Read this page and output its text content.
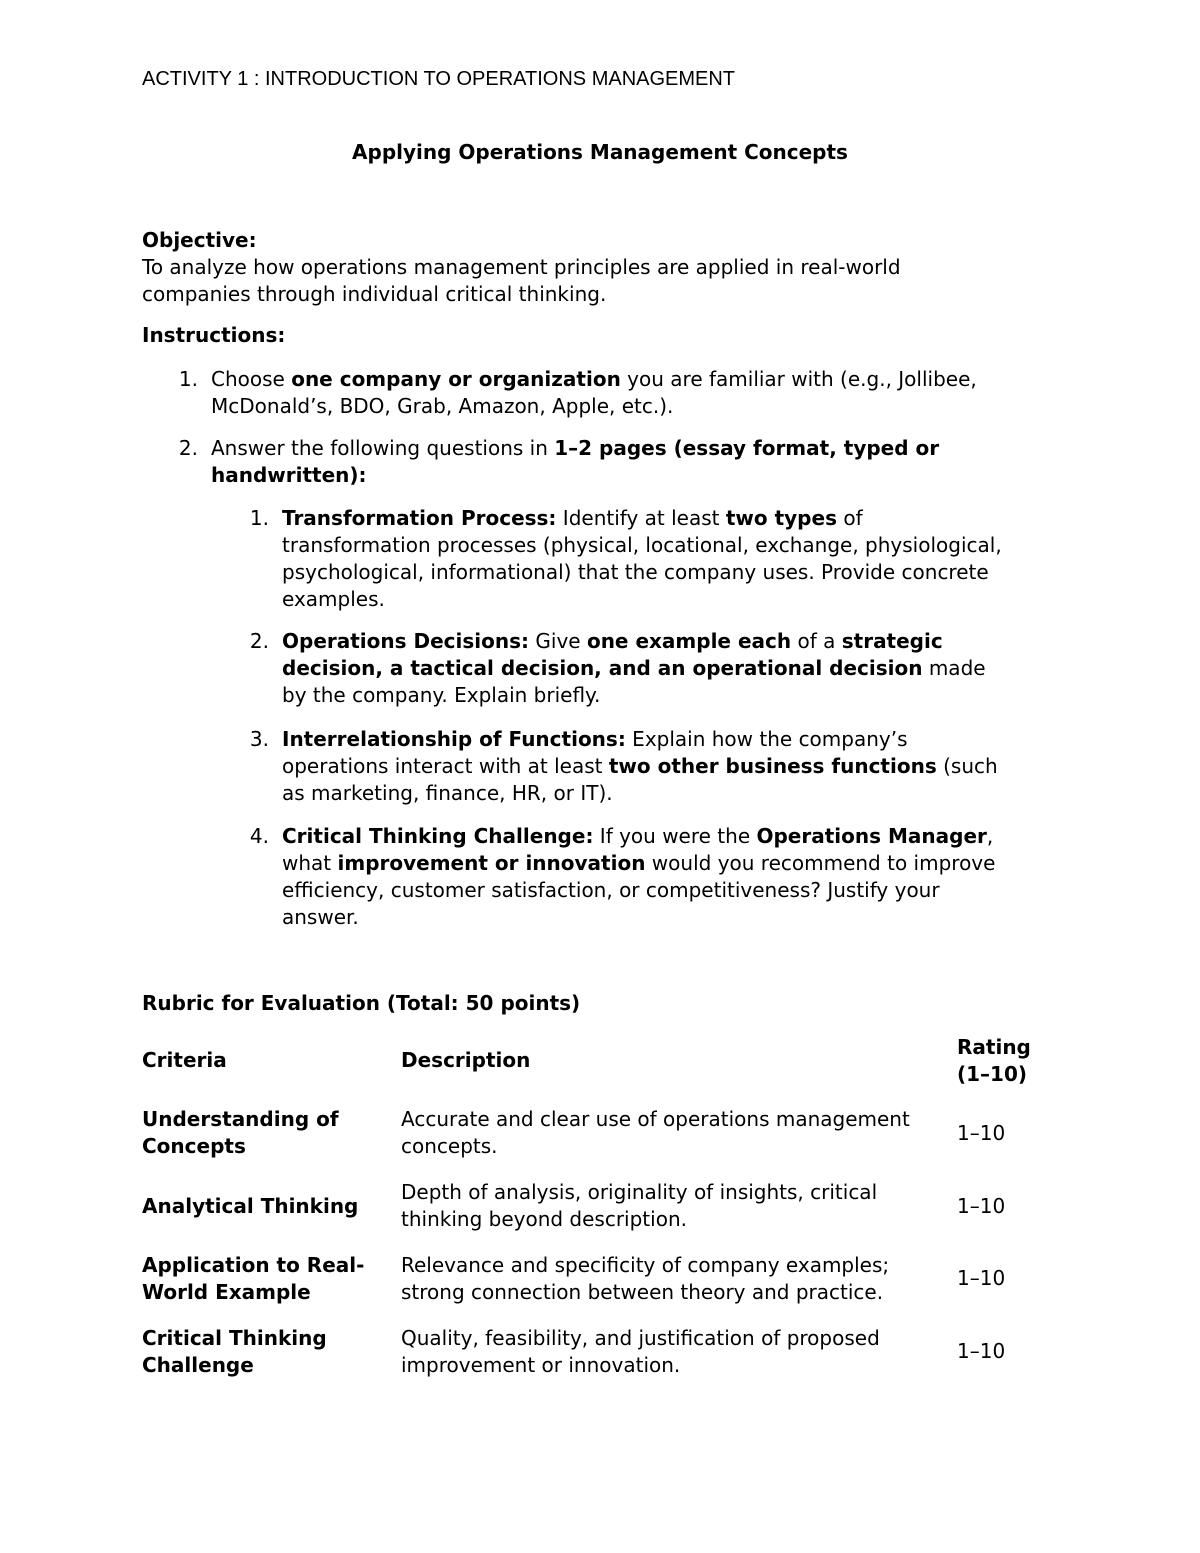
ACTIVITY 1 : INTRODUCTION TO OPERATIONS MANAGEMENT
Applying Operations Management Concepts
Objective:
To analyze how operations management principles are applied in real-world
companies through individual critical thinking.
Instructions:
1. Choose one company or organization you are familiar with (e.g., Jollibee,
McDonald’s, BDO, Grab, Amazon, Apple, etc.).
2. Answer the following questions in 1–2 pages (essay format, typed or
handwritten):
1. Transformation Process: Identify at least two types of
transformation processes (physical, locational, exchange, physiological,
psychological, informational) that the company uses. Provide concrete
examples.
2. Operations Decisions: Give one example each of a strategic
decision, a tactical decision, and an operational decision made
by the company. Explain briefly.
3. Interrelationship of Functions: Explain how the company’s
operations interact with at least two other business functions (such
as marketing, finance, HR, or IT).
4. Critical Thinking Challenge: If you were the Operations Manager,
what improvement or innovation would you recommend to improve
efficiency, customer satisfaction, or competitiveness? Justify your
answer.
Rubric for Evaluation (Total: 50 points)
Criteria	Description
Rating
(1–10)
Understanding of
Concepts
Accurate and clear use of operations management
concepts.
1–10
Analytical Thinking
Depth of analysis, originality of insights, critical
thinking beyond description.
1–10
Application to Real-
World Example
Relevance and specificity of company examples;
strong connection between theory and practice.
1–10
Critical Thinking
Challenge
Quality, feasibility, and justification of proposed
improvement or innovation.
1–10
